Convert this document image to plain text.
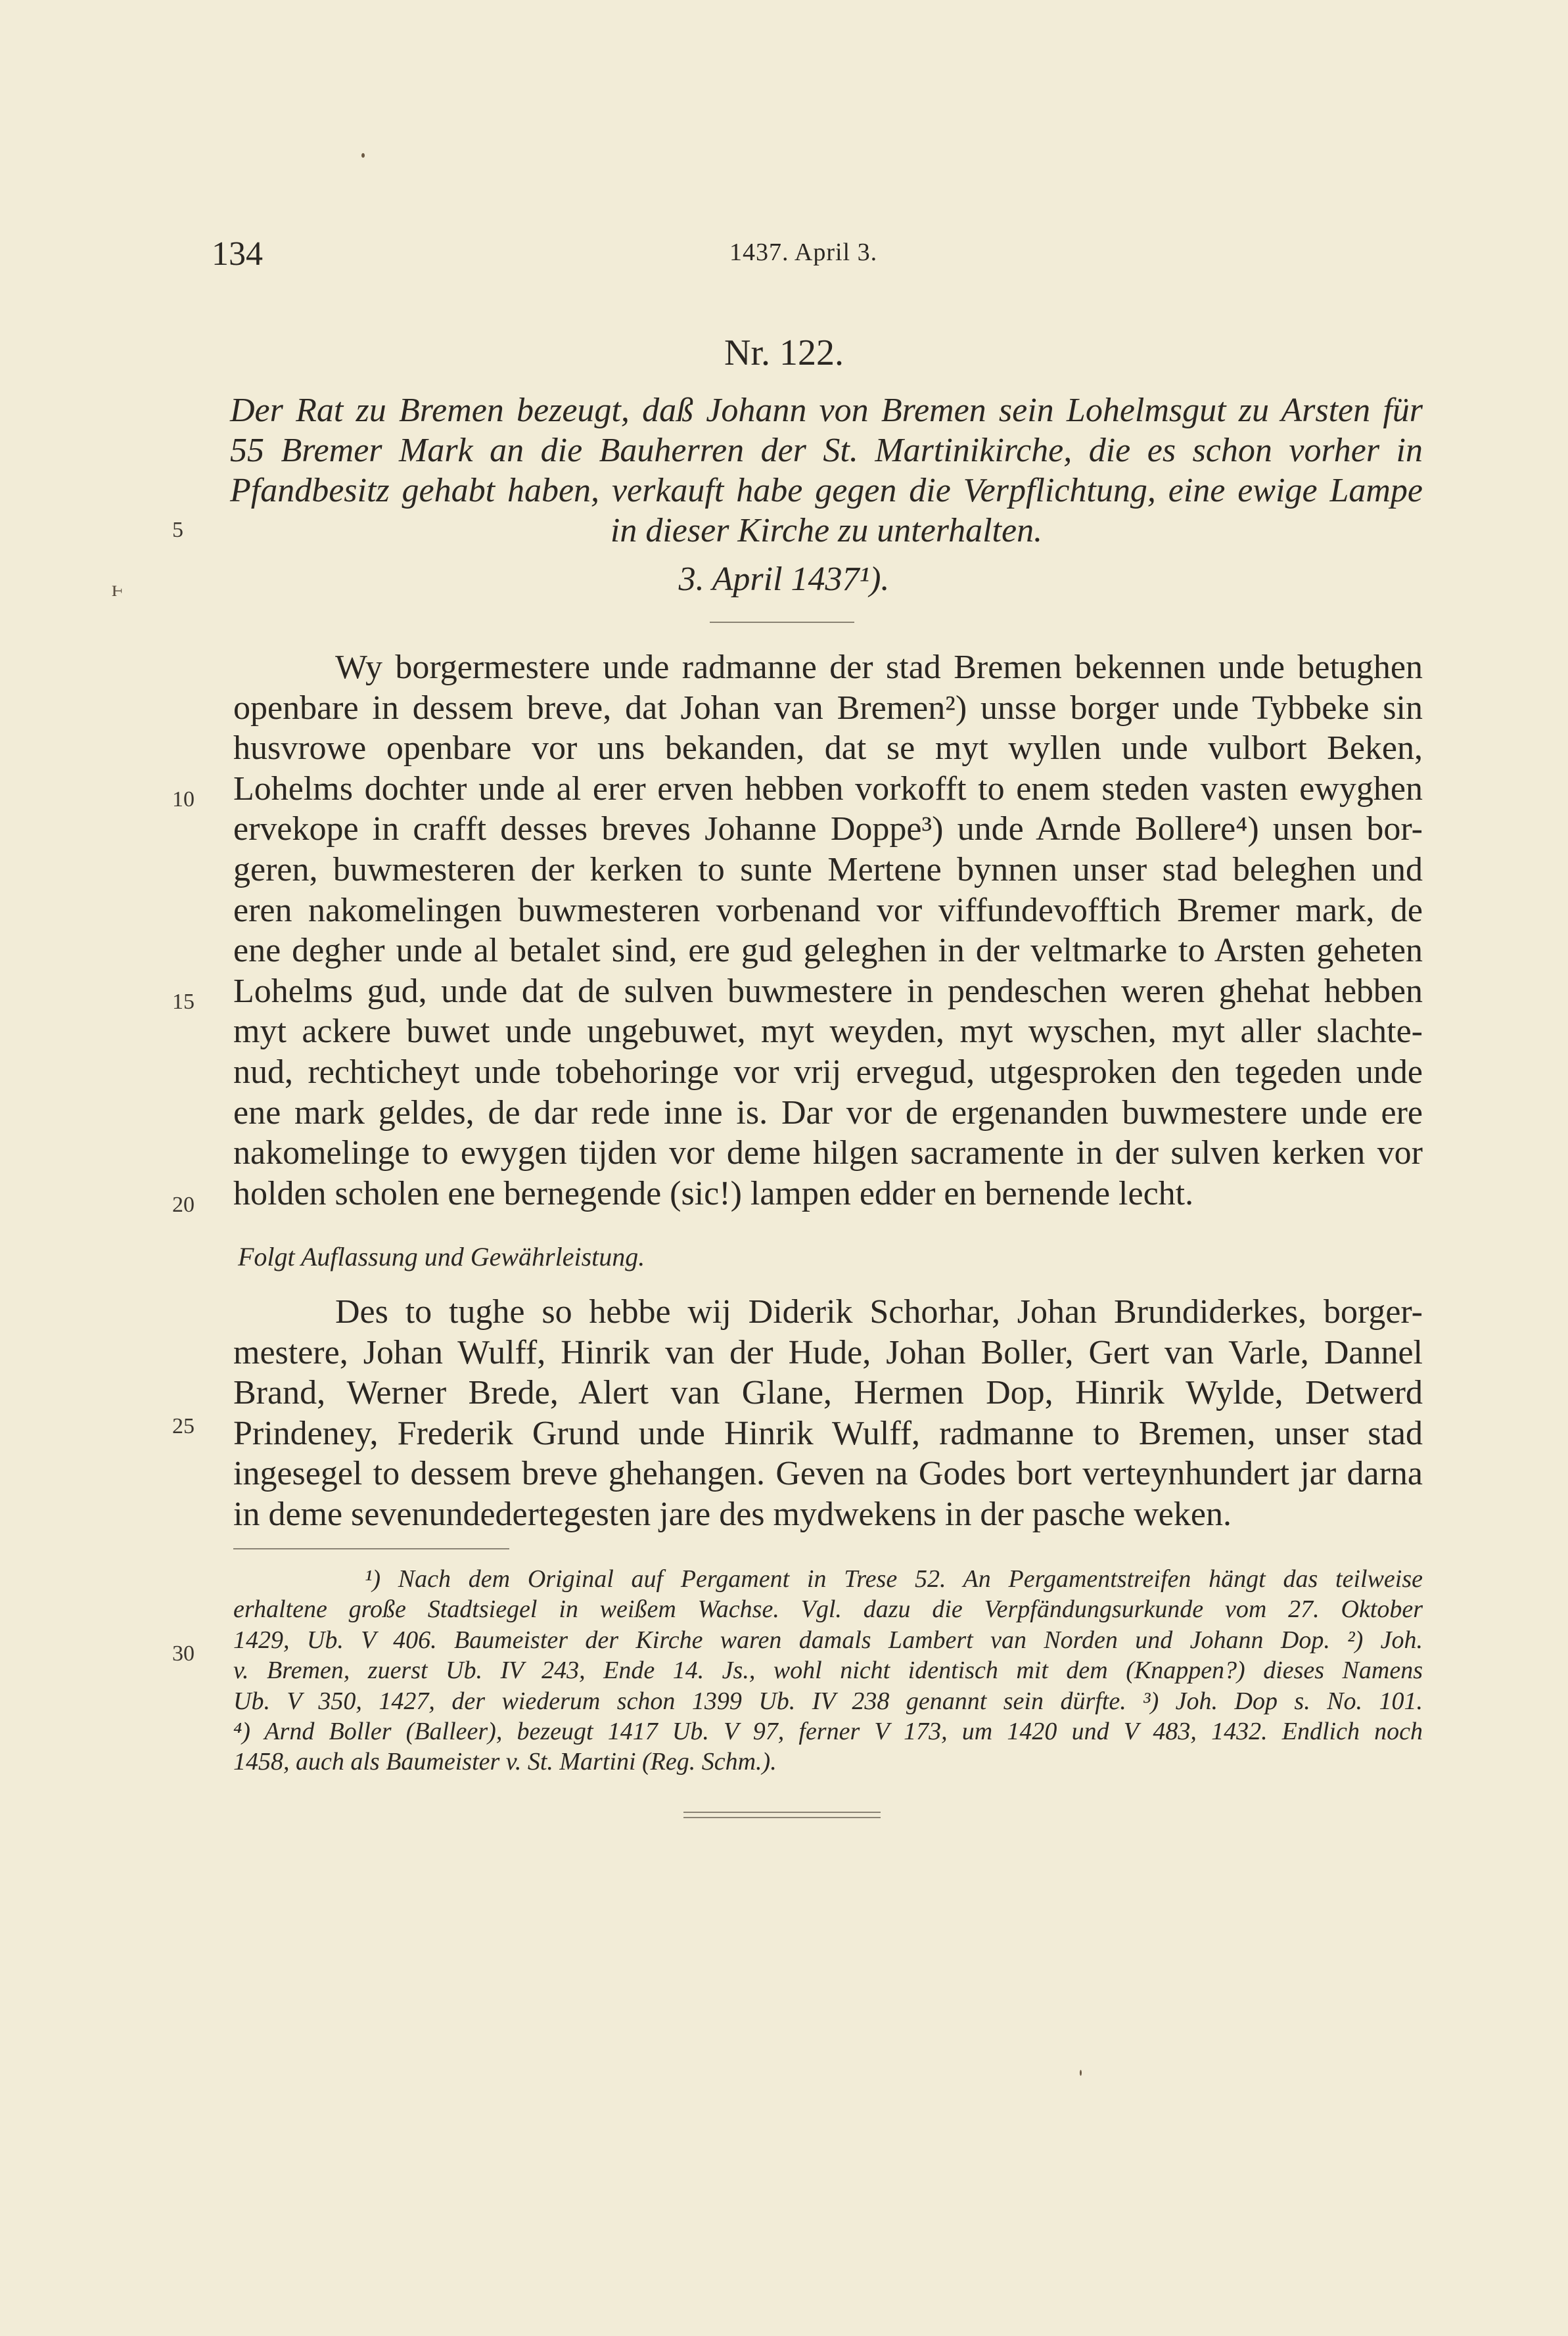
134	1437. April 3.
Nr. 122.
Der Rat zu Bremen bezeugt, daß Johann von Bremen sein Lohelmsgut zu Arsten für
55 Bremer Mark an die Bauherren der St. Martinikirche, die es schon vorher in
Pfandbesitz gehabt haben, verkauft habe gegen die Verpflichtung, eine ewige Lampe
in dieser Kirche zu unterhalten.
3. April 1437¹).
ⱶ
5
10
15
20
25
30
Wy borgermestere unde radmanne der stad Bremen bekennen unde betughen
openbare in dessem breve, dat Johan van Bremen²) unsse borger unde Tybbeke sin
husvrowe openbare vor uns bekanden, dat se myt wyllen unde vulbort Beken,
Lohelms dochter unde al erer erven hebben vorkofft to enem steden vasten ewyghen
ervekope in crafft desses breves Johanne Doppe³) unde Arnde Bollere⁴) unsen bor-
geren, buwmesteren der kerken to sunte Mertene bynnen unser stad beleghen und
eren nakomelingen buwmesteren vorbenand vor viffundevofftich Bremer mark, de
ene degher unde al betalet sind, ere gud geleghen in der veltmarke to Arsten geheten
Lohelms gud, unde dat de sulven buwmestere in pendeschen weren ghehat hebben
myt ackere buwet unde ungebuwet, myt weyden, myt wyschen, myt aller slachte-
nud, rechticheyt unde tobehoringe vor vrij ervegud, utgesproken den tegeden unde
ene mark geldes, de dar rede inne is. Dar vor de ergenanden buwmestere unde ere
nakomelinge to ewygen tijden vor deme hilgen sacramente in der sulven kerken vor
holden scholen ene bernegende (sic!) lampen edder en bernende lecht.
Folgt Auflassung und Gewährleistung.
Des to tughe so hebbe wij Diderik Schorhar, Johan Brundiderkes, borger-
mestere, Johan Wulff, Hinrik van der Hude, Johan Boller, Gert van Varle, Dannel
Brand, Werner Brede, Alert van Glane, Hermen Dop, Hinrik Wylde, Detwerd
Prindeney, Frederik Grund unde Hinrik Wulff, radmanne to Bremen, unser stad
ingesegel to dessem breve ghehangen. Geven na Godes bort verteynhundert jar darna
in deme sevenundedertegesten jare des mydwekens in der pasche weken.
¹) Nach dem Original auf Pergament in Trese 52. An Pergamentstreifen hängt das teilweise
erhaltene große Stadtsiegel in weißem Wachse. Vgl. dazu die Verpfändungsurkunde vom 27. Oktober
1429, Ub. V 406. Baumeister der Kirche waren damals Lambert van Norden und Johann Dop. ²) Joh.
v. Bremen, zuerst Ub. IV 243, Ende 14. Js., wohl nicht identisch mit dem (Knappen?) dieses Namens
Ub. V 350, 1427, der wiederum schon 1399 Ub. IV 238 genannt sein dürfte. ³) Joh. Dop s. No. 101.
⁴) Arnd Boller (Balleer), bezeugt 1417 Ub. V 97, ferner V 173, um 1420 und V 483, 1432. Endlich noch
1458, auch als Baumeister v. St. Martini (Reg. Schm.).
